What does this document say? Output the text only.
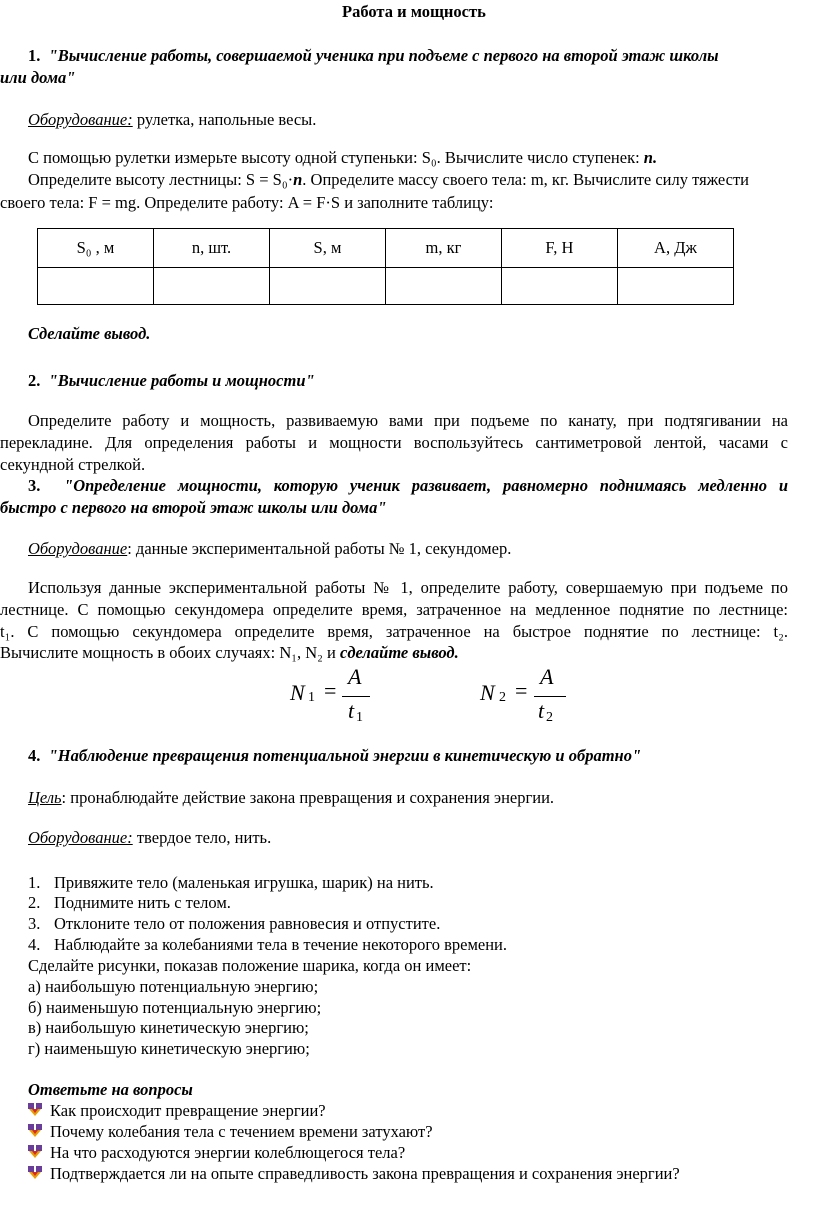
Работа и мощность
1. "Вычисление работы, совершаемой ученика при подъеме с первого на второй этаж школы
или дома"
Оборудование: рулетка, напольные весы.
С помощью рулетки измерьте высоту одной ступеньки: S₀. Вычислите число ступенек: n.
Определите высоту лестницы: S = S₀·n. Определите массу своего тела: m, кг. Вычислите силу тяжести
своего тела: F = mg. Определите работу: A = F·S и заполните таблицу:
S₀ , м	n, шт.	S, м	m, кг	F, Н	A, Дж

Сделайте вывод.
2. "Вычисление работы и мощности"
Определите работу и мощность, развиваемую вами при подъеме по канату, при подтягивании на
перекладине. Для определения работы и мощности воспользуйтесь сантиметровой лентой, часами с
секундной стрелкой.
3. "Определение мощности, которую ученик развивает, равномерно поднимаясь медленно и
быстро с первого на второй этаж школы или дома"
Оборудование: данные экспериментальной работы № 1, секундомер.
Используя данные экспериментальной работы № 1, определите работу, совершаемую при подъеме по
лестнице. С помощью секундомера определите время, затраченное на медленное поднятие по лестнице:
t₁. С помощью секундомера определите время, затраченное на быстрое поднятие по лестнице: t₂.
Вычислите мощность в обоих случаях: N₁, N₂ и сделайте вывод.
N 1 =
A
t 1
N 2 =
A
t 2
4. "Наблюдение превращения потенциальной энергии в кинетическую и обратно"
Цель: пронаблюдайте действие закона превращения и сохранения энергии.
Оборудование: твердое тело, нить.
1. Привяжите тело (маленькая игрушка, шарик) на нить.
2. Поднимите нить с телом.
3. Отклоните тело от положения равновесия и отпустите.
4. Наблюдайте за колебаниями тела в течение некоторого времени.
Сделайте рисунки, показав положение шарика, когда он имеет:
а) наибольшую потенциальную энергию;
б) наименьшую потенциальную энергию;
в) наибольшую кинетическую энергию;
г) наименьшую кинетическую энергию;
Ответьте на вопросы
Как происходит превращение энергии?
Почему колебания тела с течением времени затухают?
На что расходуются энергии колеблющегося тела?
Подтверждается ли на опыте справедливость закона превращения и сохранения энергии?
